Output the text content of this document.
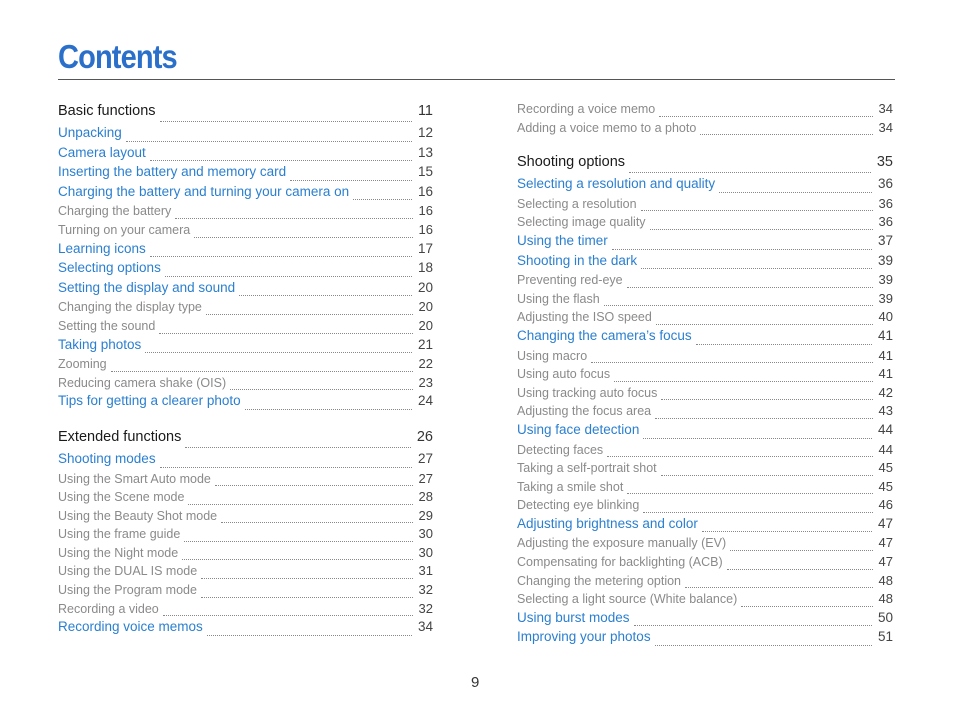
Contents
Basic functions	11
Unpacking	12
Camera layout	13
Inserting the battery and memory card	15
Charging the battery and turning your camera on	16
Charging the battery	16
Turning on your camera	16
Learning icons	17
Selecting options	18
Setting the display and sound	20
Changing the display type	20
Setting the sound	20
Taking photos	21
Zooming	22
Reducing camera shake (OIS)	23
Tips for getting a clearer photo	24
Extended functions	26
Shooting modes	27
Using the Smart Auto mode	27
Using the Scene mode	28
Using the Beauty Shot mode	29
Using the frame guide	30
Using the Night mode	30
Using the DUAL IS mode	31
Using the Program mode	32
Recording a video	32
Recording voice memos	34
Recording a voice memo	34
Adding a voice memo to a photo	34
Shooting options	35
Selecting a resolution and quality	36
Selecting a resolution	36
Selecting image quality	36
Using the timer	37
Shooting in the dark	39
Preventing red-eye	39
Using the flash	39
Adjusting the ISO speed	40
Changing the camera’s focus	41
Using macro	41
Using auto focus	41
Using tracking auto focus	42
Adjusting the focus area	43
Using face detection	44
Detecting faces	44
Taking a self-portrait shot	45
Taking a smile shot	45
Detecting eye blinking	46
Adjusting brightness and color	47
Adjusting the exposure manually (EV)	47
Compensating for backlighting (ACB)	47
Changing the metering option	48
Selecting a light source (White balance)	48
Using burst modes	50
Improving your photos	51
9
